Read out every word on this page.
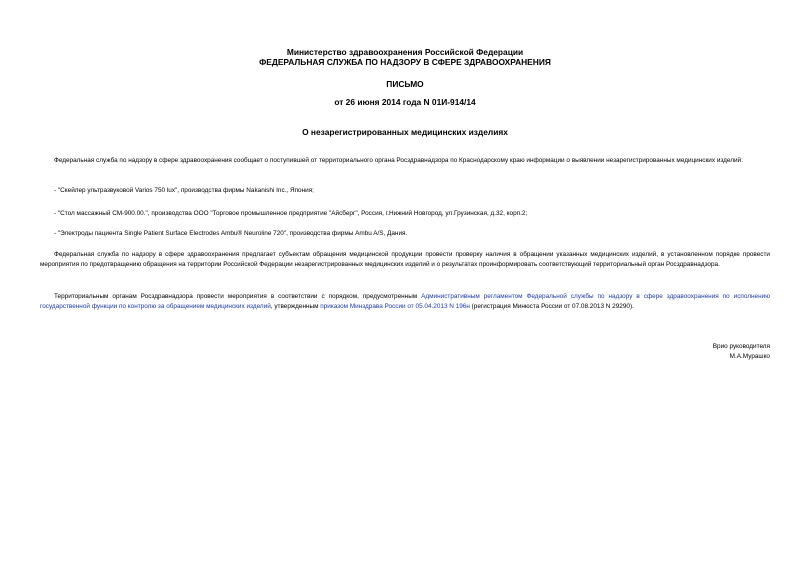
Министерство здравоохранения Российской Федерации
ФЕДЕРАЛЬНАЯ СЛУЖБА ПО НАДЗОРУ В СФЕРЕ ЗДРАВООХРАНЕНИЯ
ПИСЬМО
от 26 июня 2014 года N 01И-914/14
О незарегистрированных медицинских изделиях

Федеральная служба по надзору в сфере здравоохранения сообщает о поступившей от территориального органа Росздравнадзора по Краснодарскому краю информации о выявлении незарегистрированных медицинских изделий:

- "Скейлер ультразвуковой Varios 750 lux", производства фирмы Nakanishi Inc., Япония;

- "Стол массажный СМ-900.00.", производства ООО "Торговое промышленное предприятие "Айсберг", Россия, г.Нижний Новгород, ул.Грузинская, д.32, корп.2;

- "Электроды пациента Single Patient Surface Electrodes Ambu® Neuroline 720", производства фирмы Ambu A/S, Дания.

Федеральная служба по надзору в сфере здравоохранения предлагает субъектам обращения медицинской продукции провести проверку наличия в обращении указанных медицинских изделий, в установленном порядке провести мероприятия по предотвращению обращения на территории Российской Федерации незарегистрированных медицинских изделий и о результатах проинформировать соответствующий территориальный орган Росздравнадзора.

Территориальным органам Росздравнадзора провести мероприятия в соответствии с порядком, предусмотренным Административным регламентом Федеральной службы по надзору в сфере здравоохранения по исполнению государственной функции по контролю за обращением медицинских изделий, утвержденным приказом Минздрава России от 05.04.2013 N 196н (регистрация Минюста России от 07.08.2013 N 29290).

Врио руководителя
М.А.Мурашко
